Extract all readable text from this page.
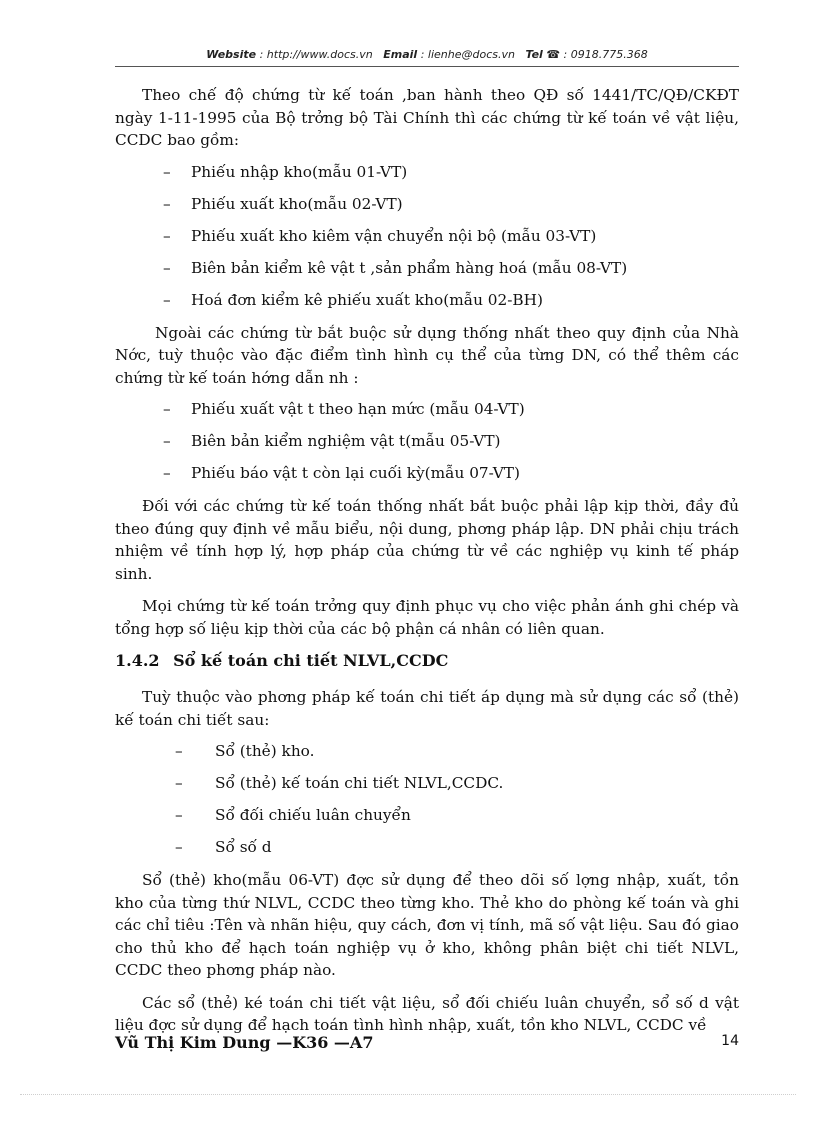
Website : http://www.docs.vn Email : lienhe@docs.vn Tel ☎ : 0918.775.368

Theo chế độ chứng từ kế toán ,ban hành theo QĐ số 1441/TC/QĐ/CKĐT ngày 1-11-1995 của Bộ trởng bộ Tài Chính thì các chứng từ kế toán về vật liệu, CCDC bao gồm:

–	Phiếu nhập kho(mẫu 01-VT)
–	Phiếu xuất kho(mẫu 02-VT)
–	Phiếu xuất kho kiêm vận chuyển nội bộ (mẫu 03-VT)
–	Biên bản kiểm kê vật t ,sản phẩm hàng hoá (mẫu 08-VT)
–	Hoá đơn kiểm kê phiếu xuất kho(mẫu 02-BH)

Ngoài các chứng từ bắt buộc sử dụng thống nhất theo quy định của Nhà Nớc, tuỳ thuộc vào đặc điểm tình hình cụ thể của từng DN, có thể thêm các chứng từ kế toán hớng dẫn nh :

–	Phiếu xuất vật t theo hạn mức (mẫu 04-VT)
–	Biên bản kiểm nghiệm vật t(mẫu 05-VT)
–	Phiếu báo vật t còn lại cuối kỳ(mẫu 07-VT)

Đối với các chứng từ kế toán thống nhất bắt buộc phải lập kịp thời, đầy đủ theo đúng quy định về mẫu biểu, nội dung, phơng pháp lập. DN phải chịu trách nhiệm về tính hợp lý, hợp pháp của chứng từ về các nghiệp vụ kinh tế pháp sinh.

Mọi chứng từ kế toán trởng quy định phục vụ cho việc phản ánh ghi chép và tổng hợp số liệu kịp thời của các bộ phận cá nhân có liên quan.

1.4.2 Sổ kế toán chi tiết NLVL,CCDC

Tuỳ thuộc vào phơng pháp kế toán chi tiết áp dụng mà sử dụng các sổ (thẻ) kế toán chi tiết sau:

–	Sổ (thẻ) kho.
–	Sổ (thẻ) kế toán chi tiết NLVL,CCDC.
–	Sổ đối chiếu luân chuyển
–	Sổ số d

Sổ (thẻ) kho(mẫu 06-VT) đợc sử dụng để theo dõi số lợng nhập, xuất, tồn kho của từng thứ NLVL, CCDC theo từng kho. Thẻ kho do phòng kế toán và ghi các chỉ tiêu :Tên và nhãn hiệu, quy cách, đơn vị tính, mã số vật liệu. Sau đó giao cho thủ kho để hạch toán nghiệp vụ ở kho, không phân biệt chi tiết NLVL, CCDC theo phơng pháp nào.

Các sổ (thẻ) ké toán chi tiết vật liệu, sổ đối chiếu luân chuyển, sổ số d vật liệu đợc sử dụng để hạch toán tình hình nhập, xuất, tồn kho NLVL, CCDC về

Vũ Thị Kim Dung —K36 —A7	14
